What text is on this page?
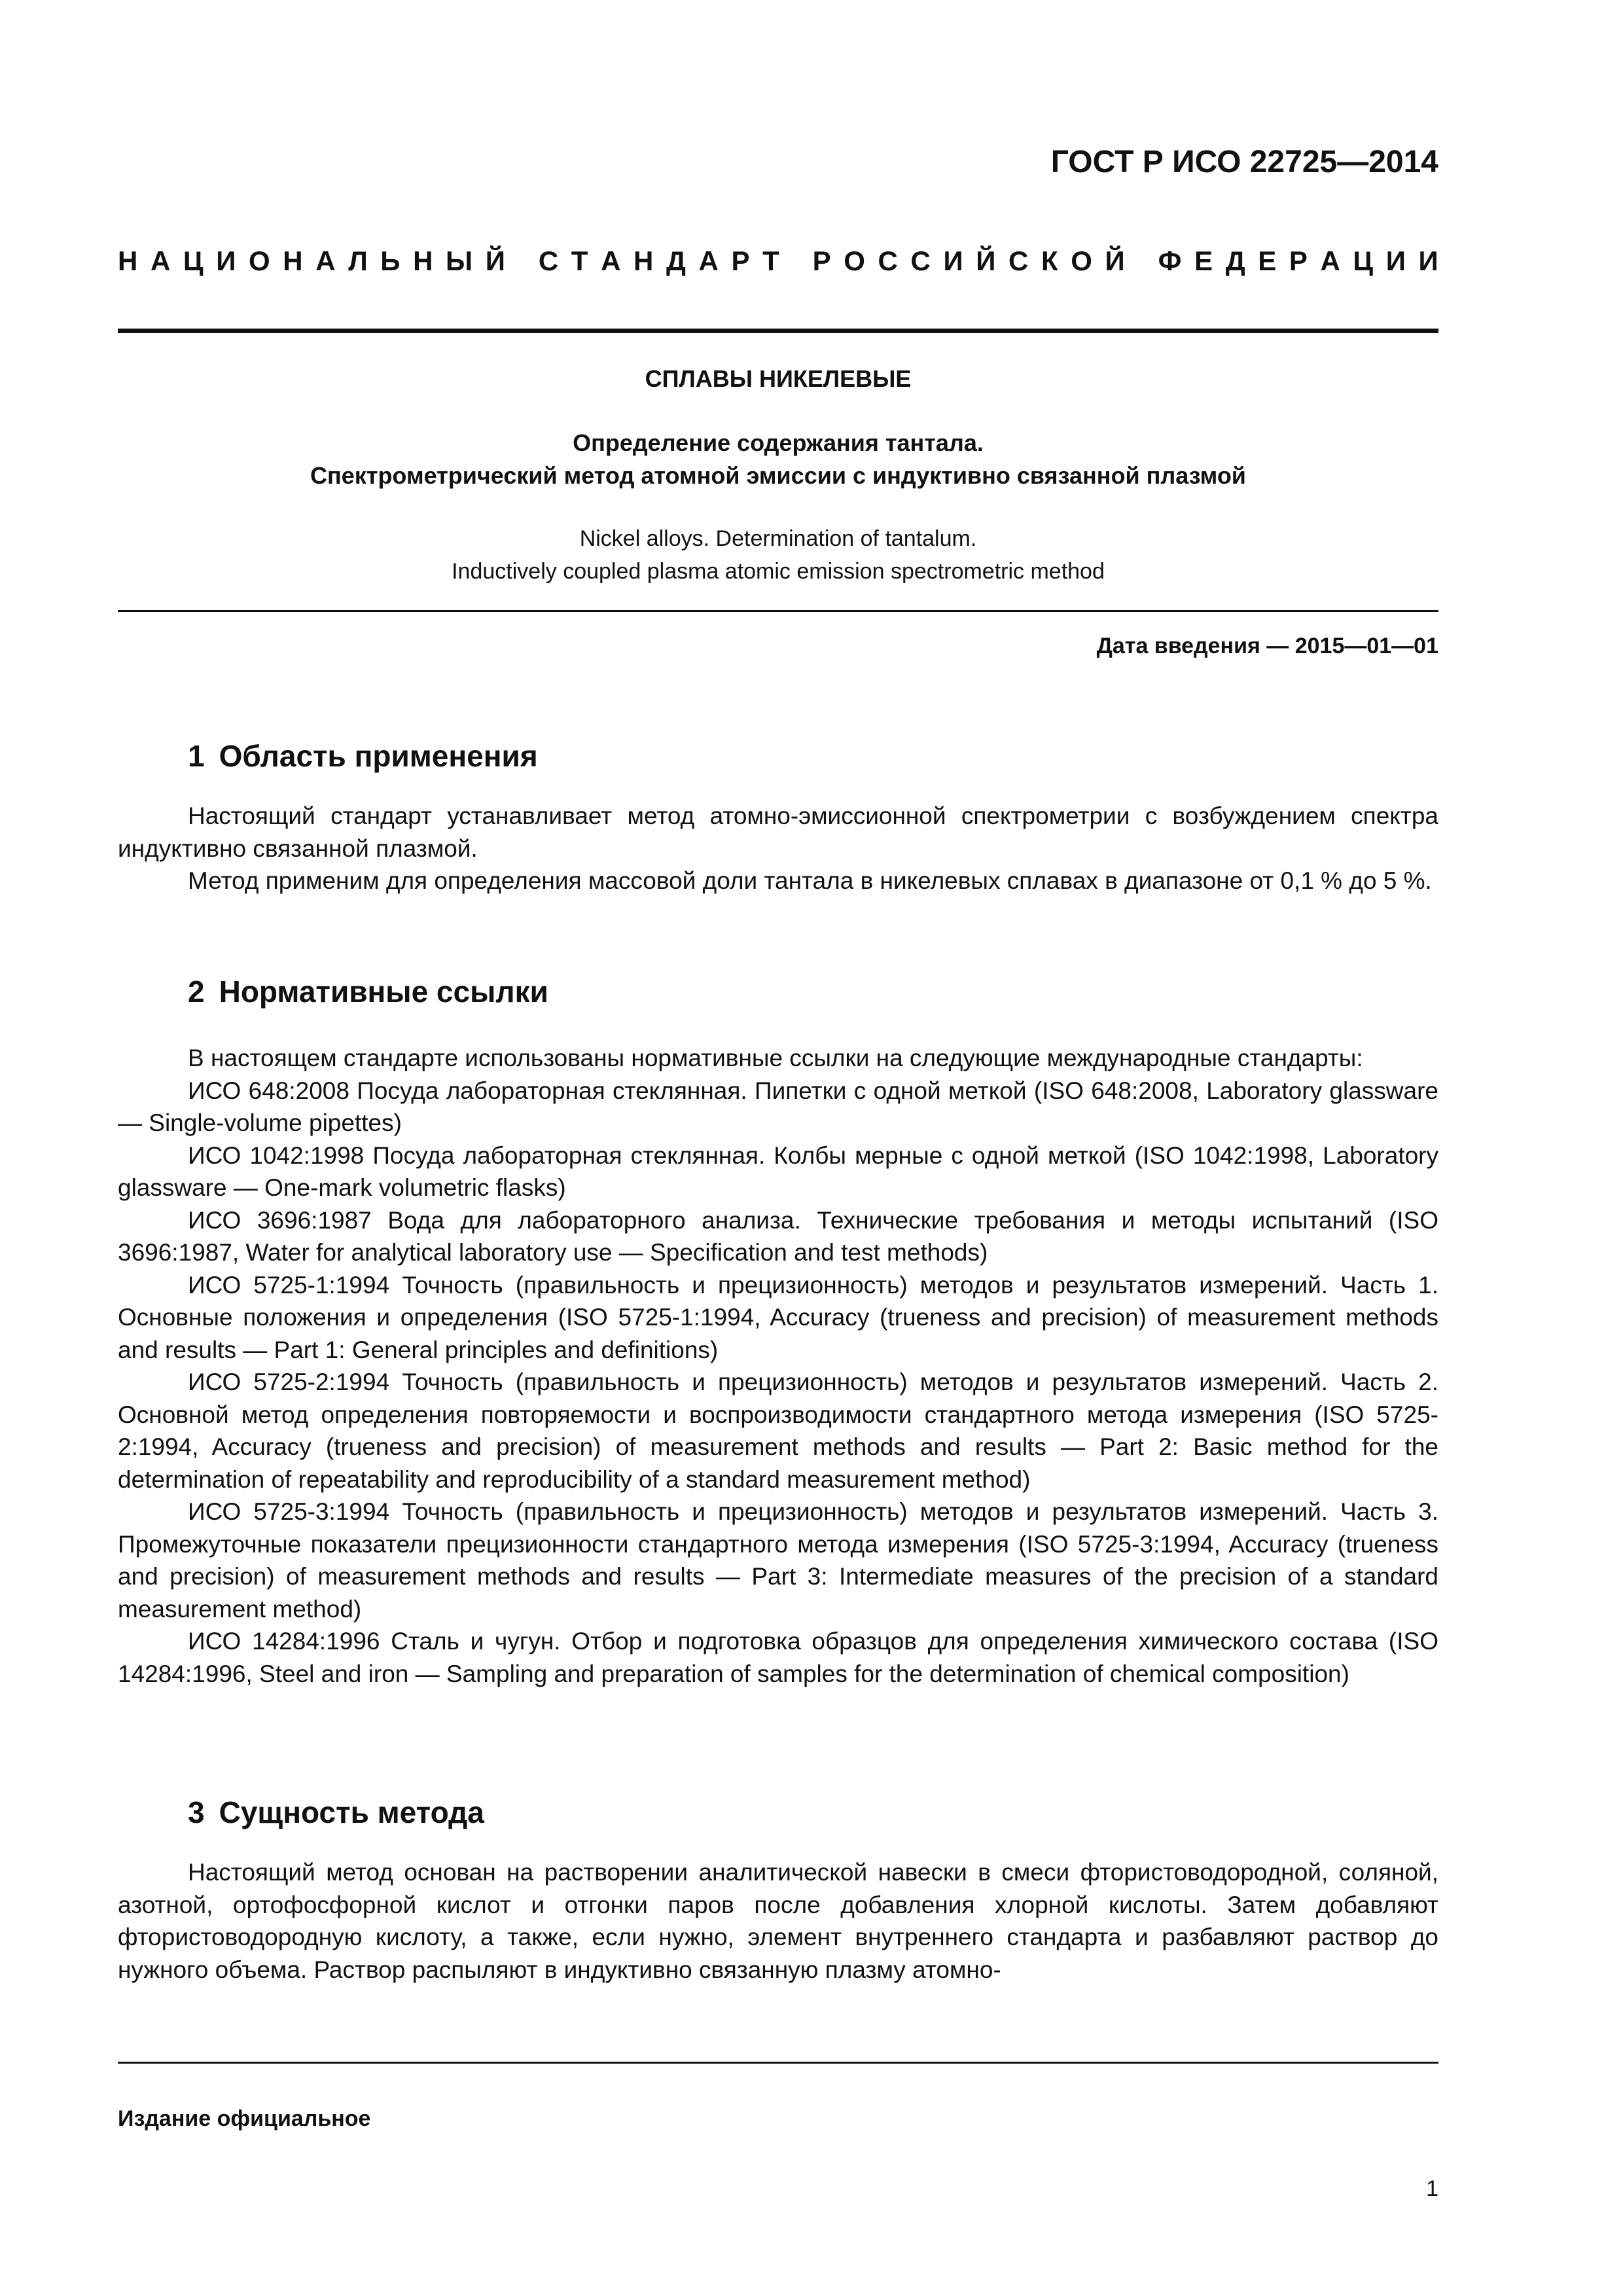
ГОСТ Р ИСО 22725—2014
Н А Ц И О Н А Л Ь Н Ы Й
С Т А Н Д А Р Т
Р О С С И Й С К О Й
Ф Е Д Е Р А Ц И И
СПЛАВЫ НИКЕЛЕВЫЕ
Определение содержания тантала.
Спектрометрический метод атомной эмиссии с индуктивно связанной плазмой
Nickel alloys. Determination of tantalum.
Inductively coupled plasma atomic emission spectrometric method
Дата введения — 2015—01—01
1 Область применения

Настоящий стандарт устанавливает метод атомно-эмиссионной спектрометрии с возбуждением спектра индуктивно связанной плазмой.

Метод применим для определения массовой доли тантала в никелевых сплавах в диапазоне от 0,1 % до 5 %.

2 Нормативные ссылки

В настоящем стандарте использованы нормативные ссылки на следующие международные стандарты:

ИСО 648:2008 Посуда лабораторная стеклянная. Пипетки с одной меткой (ISO 648:2008, Laboratory glassware — Single-volume pipettes)

ИСО 1042:1998 Посуда лабораторная стеклянная. Колбы мерные с одной меткой (ISO 1042:1998, Laboratory glassware — One-mark volumetric flasks)

ИСО 3696:1987 Вода для лабораторного анализа. Технические требования и методы испытаний (ISO 3696:1987, Water for analytical laboratory use — Specification and test methods)

ИСО 5725-1:1994 Точность (правильность и прецизионность) методов и результатов измерений. Часть 1. Основные положения и определения (ISO 5725-1:1994, Accuracy (trueness and precision) of measurement methods and results — Part 1: General principles and definitions)

ИСО 5725-2:1994 Точность (правильность и прецизионность) методов и результатов измерений. Часть 2. Основной метод определения повторяемости и воспроизводимости стандартного метода измерения (ISO 5725-2:1994, Accuracy (trueness and precision) of measurement methods and results — Part 2: Basic method for the determination of repeatability and reproducibility of a standard measurement method)

ИСО 5725-3:1994 Точность (правильность и прецизионность) методов и результатов измерений. Часть 3. Промежуточные показатели прецизионности стандартного метода измерения (ISO 5725-3:1994, Accuracy (trueness and precision) of measurement methods and results — Part 3: Intermediate measures of the precision of a standard measurement method)

ИСО 14284:1996 Сталь и чугун. Отбор и подготовка образцов для определения химического состава (ISO 14284:1996, Steel and iron — Sampling and preparation of samples for the determination of chemical composition)

3 Сущность метода

Настоящий метод основан на растворении аналитической навески в смеси фтористоводородной, соляной, азотной, ортофосфорной кислот и отгонки паров после добавления хлорной кислоты. Затем добавляют фтористоводородную кислоту, а также, если нужно, элемент внутреннего стандарта и разбавляют раствор до нужного объема. Раствор распыляют в индуктивно связанную плазму атомно-

Издание официальное
1
